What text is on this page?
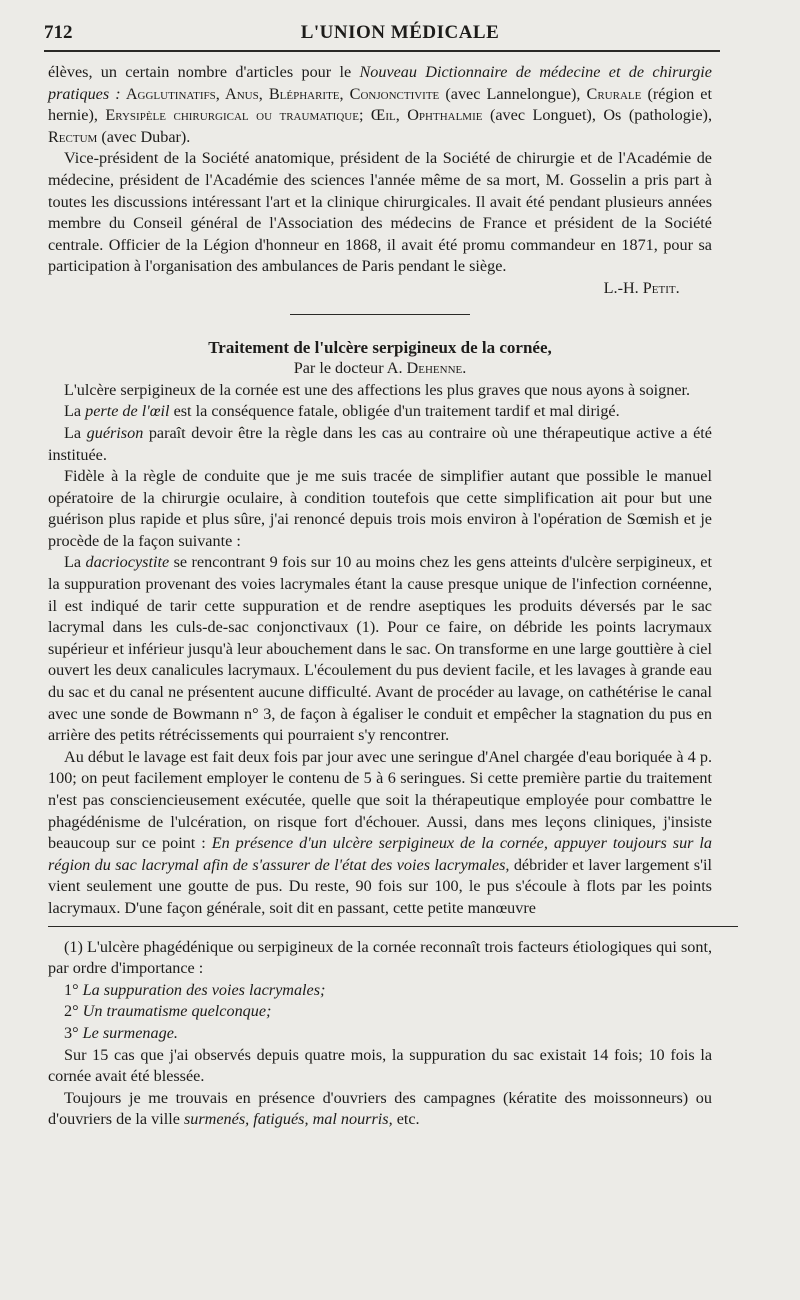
712	L'UNION MÉDICALE

élèves, un certain nombre d'articles pour le Nouveau Dictionnaire de médecine et de chirurgie pratiques : Agglutinatifs, Anus, Blépharite, Conjonctivite (avec Lannelongue), Crurale (région et hernie), Erysipèle chirurgical ou traumatique; Œil, Ophthalmie (avec Longuet), Os (pathologie), Rectum (avec Dubar).

Vice-président de la Société anatomique, président de la Société de chirurgie et de l'Académie de médecine, président de l'Académie des sciences l'année même de sa mort, M. Gosselin a pris part à toutes les discussions intéressant l'art et la clinique chirurgicales. Il avait été pendant plusieurs années membre du Conseil général de l'Association des médecins de France et président de la Société centrale. Officier de la Légion d'honneur en 1868, il avait été promu commandeur en 1871, pour sa participation à l'organisation des ambulances de Paris pendant le siège.

L.-H. Petit.

Traitement de l'ulcère serpigineux de la cornée,

Par le docteur A. Dehenne.

L'ulcère serpigineux de la cornée est une des affections les plus graves que nous ayons à soigner.

La perte de l'œil est la conséquence fatale, obligée d'un traitement tardif et mal dirigé.

La guérison paraît devoir être la règle dans les cas au contraire où une thérapeutique active a été instituée.

Fidèle à la règle de conduite que je me suis tracée de simplifier autant que possible le manuel opératoire de la chirurgie oculaire, à condition toutefois que cette simplification ait pour but une guérison plus rapide et plus sûre, j'ai renoncé depuis trois mois environ à l'opération de Sœmish et je procède de la façon suivante :

La dacriocystite se rencontrant 9 fois sur 10 au moins chez les gens atteints d'ulcère serpigineux, et la suppuration provenant des voies lacrymales étant la cause presque unique de l'infection cornéenne, il est indiqué de tarir cette suppuration et de rendre aseptiques les produits déversés par le sac lacrymal dans les culs-de-sac conjonctivaux (1). Pour ce faire, on débride les points lacrymaux supérieur et inférieur jusqu'à leur abouchement dans le sac. On transforme en une large gouttière à ciel ouvert les deux canalicules lacrymaux. L'écoulement du pus devient facile, et les lavages à grande eau du sac et du canal ne présentent aucune difficulté. Avant de procéder au lavage, on cathétérise le canal avec une sonde de Bowmann n° 3, de façon à égaliser le conduit et empêcher la stagnation du pus en arrière des petits rétrécissements qui pourraient s'y rencontrer.

Au début le lavage est fait deux fois par jour avec une seringue d'Anel chargée d'eau boriquée à 4 p. 100; on peut facilement employer le contenu de 5 à 6 seringues. Si cette première partie du traitement n'est pas consciencieusement exécutée, quelle que soit la thérapeutique employée pour combattre le phagédénisme de l'ulcération, on risque fort d'échouer. Aussi, dans mes leçons cliniques, j'insiste beaucoup sur ce point : En présence d'un ulcère serpigineux de la cornée, appuyer toujours sur la région du sac lacrymal afin de s'assurer de l'état des voies lacrymales, débrider et laver largement s'il vient seulement une goutte de pus. Du reste, 90 fois sur 100, le pus s'écoule à flots par les points lacrymaux. D'une façon générale, soit dit en passant, cette petite manœuvre

(1) L'ulcère phagédénique ou serpigineux de la cornée reconnaît trois facteurs étiologiques qui sont, par ordre d'importance :

1° La suppuration des voies lacrymales;

2° Un traumatisme quelconque;

3° Le surmenage.

Sur 15 cas que j'ai observés depuis quatre mois, la suppuration du sac existait 14 fois; 10 fois la cornée avait été blessée.

Toujours je me trouvais en présence d'ouvriers des campagnes (kératite des moissonneurs) ou d'ouvriers de la ville surmenés, fatigués, mal nourris, etc.
